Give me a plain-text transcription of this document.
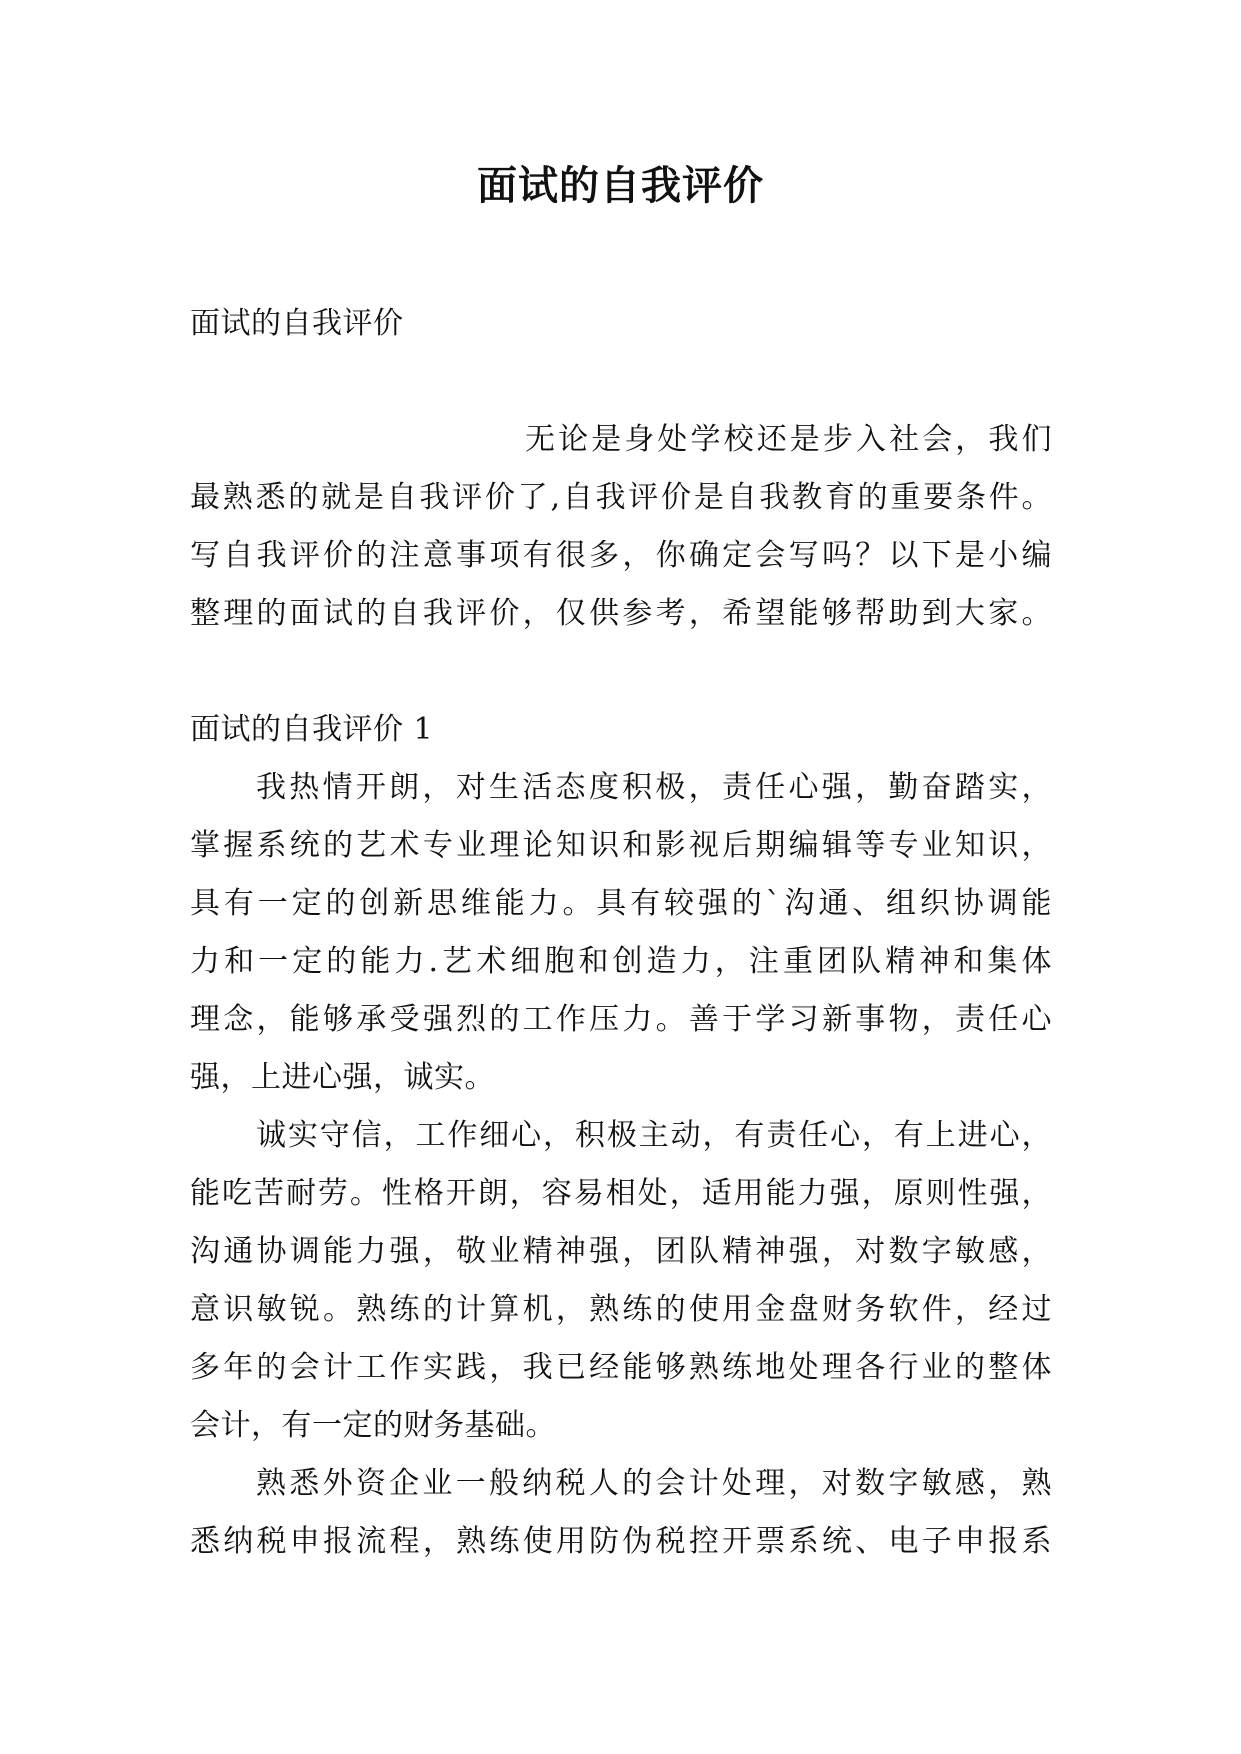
面试的自我评价
面试的自我评价
无论是身处学校还是步入社会，我们
最熟悉的就是自我评价了,自我评价是自我教育的重要条件。
写自我评价的注意事项有很多，你确定会写吗？以下是小编
整理的面试的自我评价，仅供参考，希望能够帮助到大家。
面试的自我评价 1
我热情开朗，对生活态度积极，责任心强，勤奋踏实，
掌握系统的艺术专业理论知识和影视后期编辑等专业知识，
具有一定的创新思维能力。具有较强的`沟通、组织协调能
力和一定的能力.艺术细胞和创造力，注重团队精神和集体
理念，能够承受强烈的工作压力。善于学习新事物，责任心
强，上进心强，诚实。
诚实守信，工作细心，积极主动，有责任心，有上进心，
能吃苦耐劳。性格开朗，容易相处，适用能力强，原则性强，
沟通协调能力强，敬业精神强，团队精神强，对数字敏感，
意识敏锐。熟练的计算机，熟练的使用金盘财务软件，经过
多年的会计工作实践，我已经能够熟练地处理各行业的整体
会计，有一定的财务基础。
熟悉外资企业一般纳税人的会计处理，对数字敏感，熟
悉纳税申报流程，熟练使用防伪税控开票系统、电子申报系
